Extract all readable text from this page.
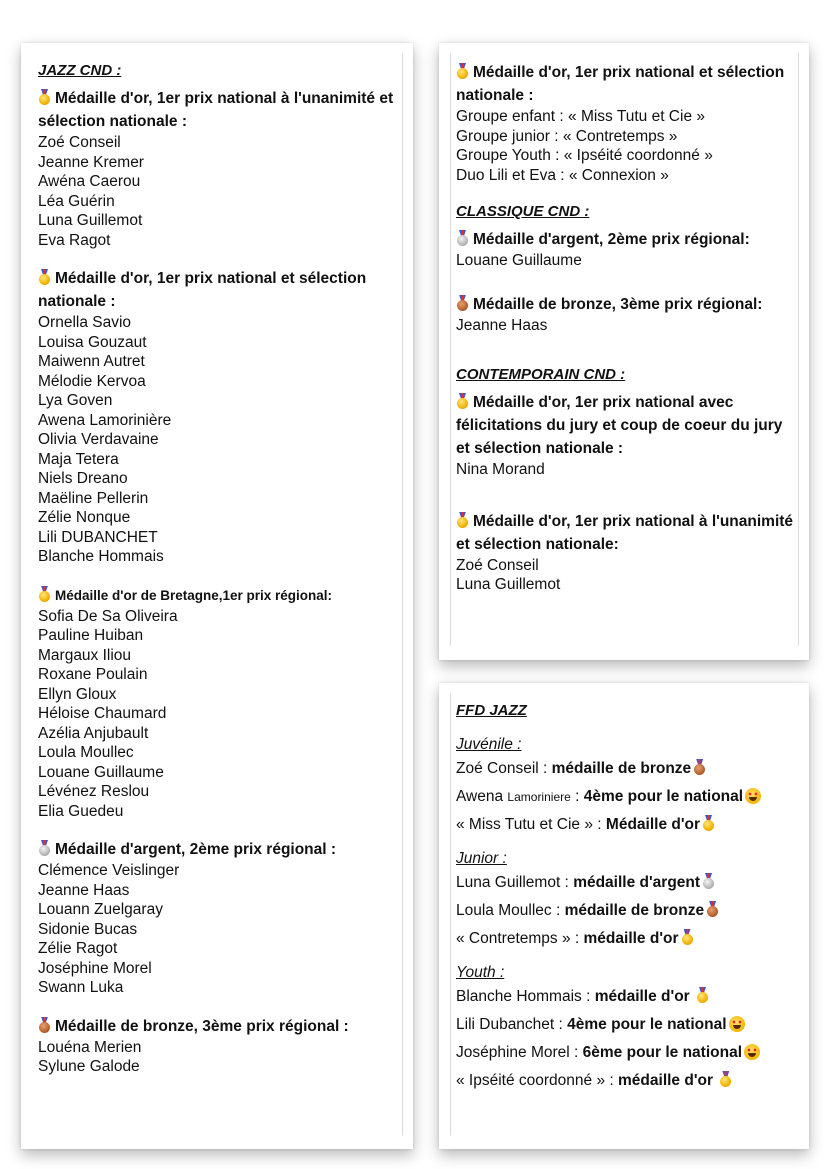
JAZZ CND :
Médaille d'or, 1er prix national à l'unanimité et sélection nationale :
Zoé Conseil
Jeanne Kremer
Awéna Caerou
Léa Guérin
Luna Guillemot
Eva Ragot
Médaille d'or, 1er prix national et sélection nationale :
Ornella Savio
Louisa Gouzaut
Maiwenn Autret
Mélodie Kervoa
Lya Goven
Awena Lamorinière
Olivia Verdavaine
Maja Tetera
Niels Dreano
Maëline Pellerin
Zélie Nonque
Lili DUBANCHET
Blanche Hommais
Médaille d'or de Bretagne,1er prix régional:
Sofia De Sa Oliveira
Pauline Huiban
Margaux Iliou
Roxane Poulain
Ellyn Gloux
Héloise Chaumard
Azélia Anjubault
Loula Moullec
Louane Guillaume
Lévénez Reslou
Elia Guedeu
Médaille d'argent, 2ème prix régional :
Clémence Veislinger
Jeanne Haas
Louann Zuelgaray
Sidonie Bucas
Zélie Ragot
Joséphine Morel
Swann Luka
Médaille de bronze, 3ème prix régional :
Louéna Merien
Sylune Galode
Médaille d'or, 1er prix national et sélection nationale :
Groupe enfant : « Miss Tutu et Cie »
Groupe junior : « Contretemps »
Groupe Youth : « Ipséité coordonné »
Duo Lili et Eva : « Connexion »
CLASSIQUE CND :
Médaille d'argent, 2ème prix régional:
Louane Guillaume
Médaille de bronze, 3ème prix régional:
Jeanne Haas
CONTEMPORAIN CND :
Médaille d'or, 1er prix national avec félicitations du jury et coup de coeur du jury et sélection nationale :
Nina Morand
Médaille d'or, 1er prix national à l'unanimité et sélection nationale:
Zoé Conseil
Luna Guillemot
FFD JAZZ
Juvénile :
Zoé Conseil : médaille de bronze
Awena Lamoriniere : 4ème pour le national
« Miss Tutu et Cie » : Médaille d'or
Junior :
Luna Guillemot : médaille d'argent
Loula Moullec : médaille de bronze
« Contretemps » : médaille d'or
Youth :
Blanche Hommais : médaille d'or
Lili Dubanchet : 4ème pour le national
Joséphine Morel : 6ème pour le national
« Ipséité coordonné » : médaille d'or
